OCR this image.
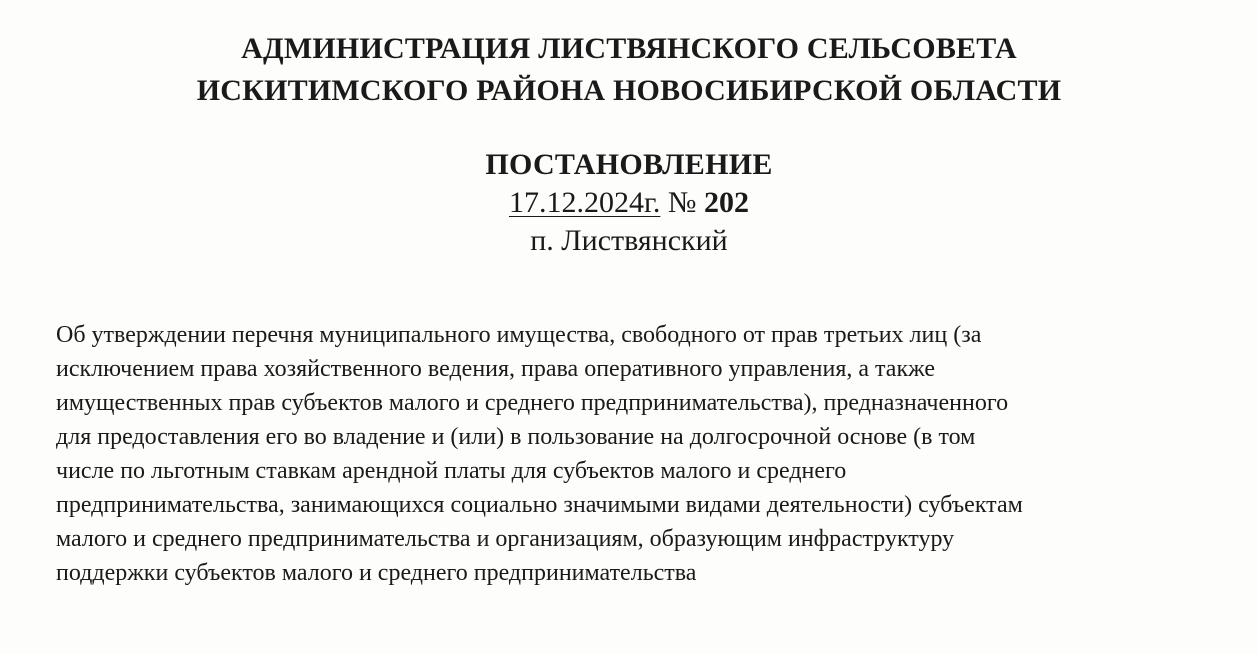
АДМИНИСТРАЦИЯ ЛИСТВЯНСКОГО СЕЛЬСОВЕТА
ИСКИТИМСКОГО РАЙОНА НОВОСИБИРСКОЙ ОБЛАСТИ
ПОСТАНОВЛЕНИЕ
17.12.2024г. № 202
п. Листвянский
Об утверждении перечня муниципального имущества, свободного от прав третьих лиц (за
исключением права хозяйственного ведения, права оперативного управления, а также
имущественных прав субъектов малого и среднего предпринимательства), предназначенного
для предоставления его во владение и (или) в пользование на долгосрочной основе (в том
числе по льготным ставкам арендной платы для субъектов малого и среднего
предпринимательства, занимающихся социально значимыми видами деятельности) субъектам
малого и среднего предпринимательства и организациям, образующим инфраструктуру
поддержки субъектов малого и среднего предпринимательства
